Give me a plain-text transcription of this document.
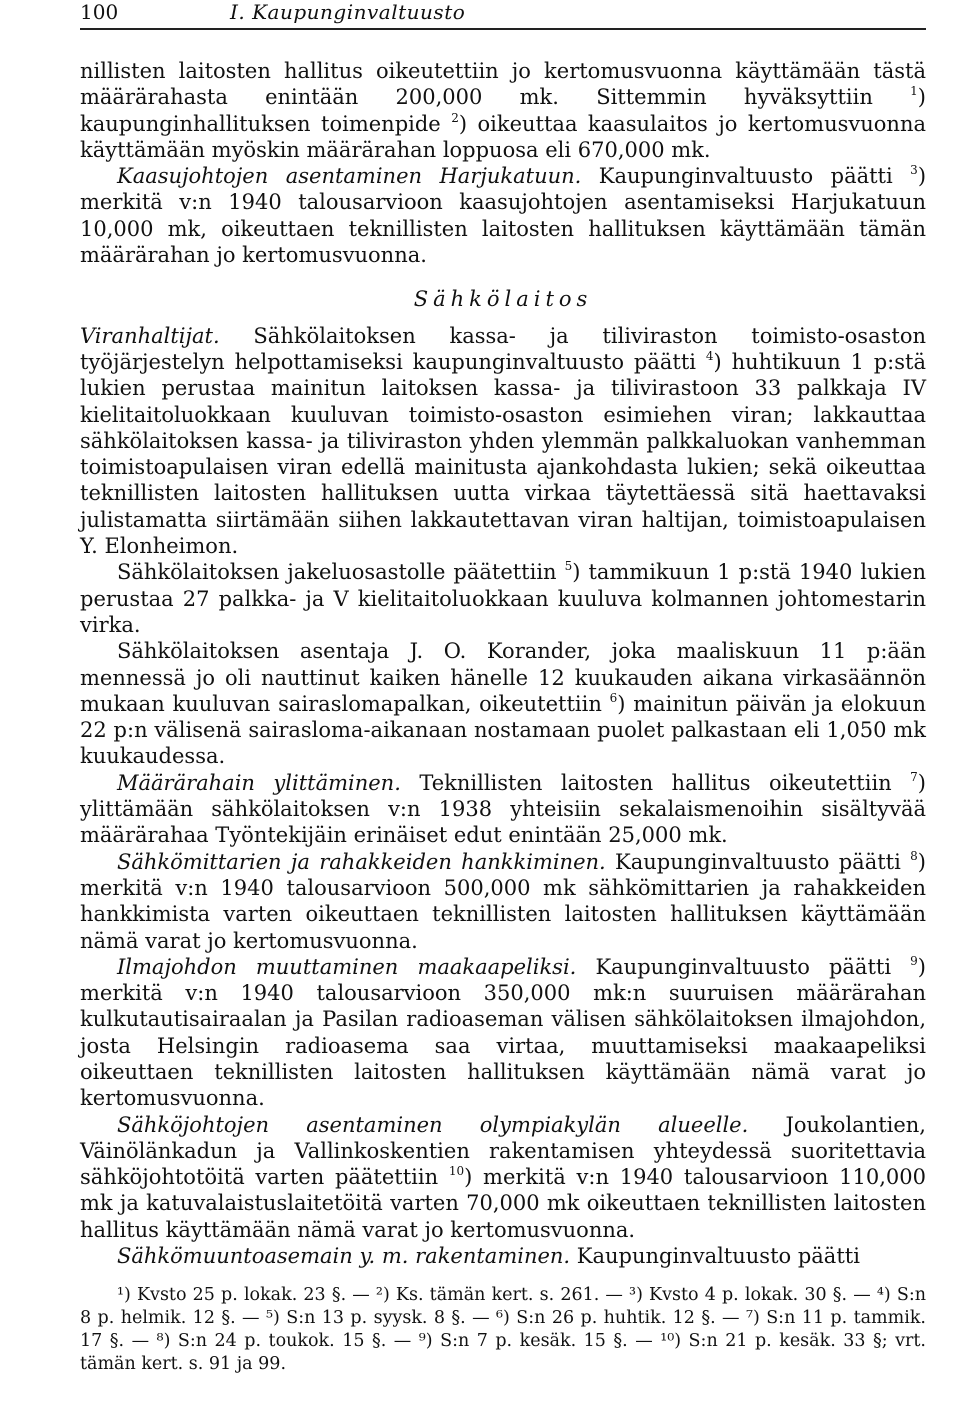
100	I. Kaupunginvaltuusto

nillisten laitosten hallitus oikeutettiin jo kertomusvuonna käyttämään tästä määrärahasta enintään 200,000 mk. Sittemmin hyväksyttiin $^1$) kaupunginhallituksen toimenpide $^2$) oikeuttaa kaasulaitos jo kertomusvuonna käyttämään myöskin määrärahan loppuosa eli 670,000 mk.

Kaasujohtojen asentaminen Harjukatuun. Kaupunginvaltuusto päätti $^3$) merkitä v:n 1940 talousarvioon kaasujohtojen asentamiseksi Harjukatuun 10,000 mk, oikeuttaen teknillisten laitosten hallituksen käyttämään tämän määrärahan jo kertomusvuonna.

Sähkölaitos

Viranhaltijat. Sähkölaitoksen kassa- ja tiliviraston toimisto-osaston työjärjestelyn helpottamiseksi kaupunginvaltuusto päätti $^4$) huhtikuun 1 p:stä lukien perustaa mainitun laitoksen kassa- ja tilivirastoon 33 palkkaja IV kielitaitoluokkaan kuuluvan toimisto-osaston esimiehen viran; lakkauttaa sähkölaitoksen kassa- ja tiliviraston yhden ylemmän palkkaluokan vanhemman toimistoapulaisen viran edellä mainitusta ajankohdasta lukien; sekä oikeuttaa teknillisten laitosten hallituksen uutta virkaa täytettäessä sitä haettavaksi julistamatta siirtämään siihen lakkautettavan viran haltijan, toimistoapulaisen Y. Elonheimon.

Sähkölaitoksen jakeluosastolle päätettiin $^5$) tammikuun 1 p:stä 1940 lukien perustaa 27 palkka- ja V kielitaitoluokkaan kuuluva kolmannen johtomestarin virka.

Sähkölaitoksen asentaja J. O. Korander, joka maaliskuun 11 p:ään mennessä jo oli nauttinut kaiken hänelle 12 kuukauden aikana virkasäännön mukaan kuuluvan sairaslomapalkan, oikeutettiin $^6$) mainitun päivän ja elokuun 22 p:n välisenä sairasloma-aikanaan nostamaan puolet palkastaan eli 1,050 mk kuukaudessa.

Määrärahain ylittäminen. Teknillisten laitosten hallitus oikeutettiin $^7$) ylittämään sähkölaitoksen v:n 1938 yhteisiin sekalaismenoihin sisältyvää määrärahaa Työntekijäin erinäiset edut enintään 25,000 mk.

Sähkömittarien ja rahakkeiden hankkiminen. Kaupunginvaltuusto päätti $^8$) merkitä v:n 1940 talousarvioon 500,000 mk sähkömittarien ja rahakkeiden hankkimista varten oikeuttaen teknillisten laitosten hallituksen käyttämään nämä varat jo kertomusvuonna.

Ilmajohdon muuttaminen maakaapeliksi. Kaupunginvaltuusto päätti $^9$) merkitä v:n 1940 talousarvioon 350,000 mk:n suuruisen määrärahan kulkutautisairaalan ja Pasilan radioaseman välisen sähkölaitoksen ilmajohdon, josta Helsingin radioasema saa virtaa, muuttamiseksi maakaapeliksi oikeuttaen teknillisten laitosten hallituksen käyttämään nämä varat jo kertomusvuonna.

Sähköjohtojen asentaminen olympiakylän alueelle. Joukolantien, Väinölänkadun ja Vallinkoskentien rakentamisen yhteydessä suoritettavia sähköjohtotöitä varten päätettiin $^{10}$) merkitä v:n 1940 talousarvioon 110,000 mk ja katuvalaistuslaitetöitä varten 70,000 mk oikeuttaen teknillisten laitosten hallitus käyttämään nämä varat jo kertomusvuonna.

Sähkömuuntoasemain y. m. rakentaminen. Kaupunginvaltuusto päätti

¹) Kvsto 25 p. lokak. 23 §. — ²) Ks. tämän kert. s. 261. — ³) Kvsto 4 p. lokak. 30 §. — ⁴) S:n 8 p. helmik. 12 §. — ⁵) S:n 13 p. syysk. 8 §. — ⁶) S:n 26 p. huhtik. 12 §. — ⁷) S:n 11 p. tammik. 17 §. — ⁸) S:n 24 p. toukok. 15 §. — ⁹) S:n 7 p. kesäk. 15 §. — ¹⁰) S:n 21 p. kesäk. 33 §; vrt. tämän kert. s. 91 ja 99.
